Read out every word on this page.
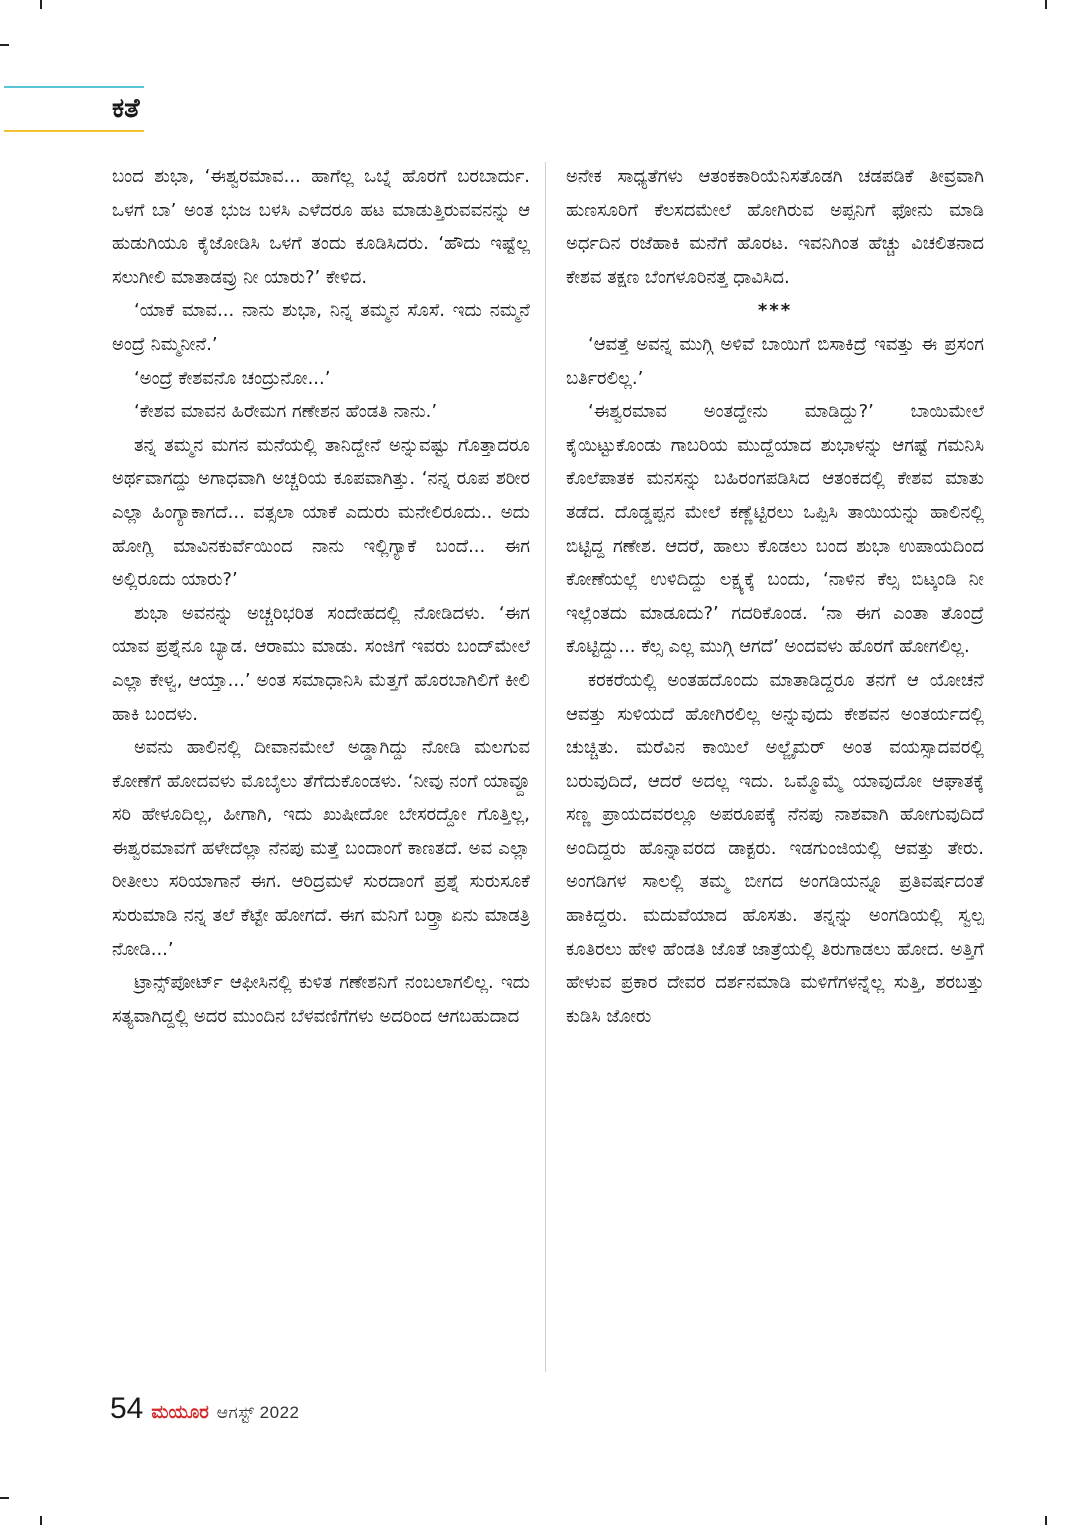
ಕತೆ

ಬಂದ ಶುಭಾ, ‘ಈಶ್ವರಮಾವ... ಹಾಗೆಲ್ಲ ಒಬ್ನೆ ಹೊರಗೆ ಬರಬಾರ್ದು. ಒಳಗೆ ಬಾ’ ಅಂತ ಭುಜ ಬಳಸಿ ಎಳೆದರೂ ಹಟ ಮಾಡುತ್ತಿರುವವನನ್ನು ಆ ಹುಡುಗಿಯೂ ಕೈಜೋಡಿಸಿ ಒಳಗೆ ತಂದು ಕೂಡಿಸಿದರು. ‘ಹೌದು ಇಷ್ಟೆಲ್ಲ ಸಲುಗೀಲಿ ಮಾತಾಡವ್ರು ನೀ ಯಾರು?’ ಕೇಳಿದ.

‘ಯಾಕೆ ಮಾವ... ನಾನು ಶುಭಾ, ನಿನ್ನ ತಮ್ಮನ ಸೊಸೆ. ಇದು ನಮ್ಮನೆ ಅಂದ್ರೆ ನಿಮ್ಮನೀನೆ.’

‘ಅಂದ್ರೆ ಕೇಶವನೊ ಚಂದ್ರುನೋ...’

‘ಕೇಶವ ಮಾವನ ಹಿರೇಮಗ ಗಣೇಶನ ಹೆಂಡತಿ ನಾನು.’

ತನ್ನ ತಮ್ಮನ ಮಗನ ಮನೆಯಲ್ಲಿ ತಾನಿದ್ದೇನೆ ಅನ್ನುವಷ್ಟು ಗೊತ್ತಾದರೂ ಅರ್ಥವಾಗದ್ದು ಅಗಾಧವಾಗಿ ಅಚ್ಚರಿಯ ಕೂಪವಾಗಿತ್ತು. ‘ನನ್ನ ರೂಪ ಶರೀರ ಎಲ್ಲಾ ಹಿಂಗ್ಯಾಕಾಗದೆ... ವತ್ಸಲಾ ಯಾಕೆ ಎದುರು ಮನೇಲಿರೂದು.. ಅದು ಹೋಗ್ಲಿ ಮಾವಿನಕುರ್ವೆಯಿಂದ ನಾನು ಇಲ್ಲಿಗ್ಯಾಕೆ ಬಂದೆ... ಈಗ ಅಲ್ಲಿರೂದು ಯಾರು?’

ಶುಭಾ ಅವನನ್ನು ಅಚ್ಚರಿಭರಿತ ಸಂದೇಹದಲ್ಲಿ ನೋಡಿದಳು. ‘ಈಗ ಯಾವ ಪ್ರಶ್ನೆನೂ ಬ್ಯಾಡ. ಆರಾಮು ಮಾಡು. ಸಂಜಿಗೆ ಇವರು ಬಂದ್‌ಮೇಲೆ ಎಲ್ಲಾ ಕೇಳ್ವ, ಆಯ್ತಾ...’ ಅಂತ ಸಮಾಧಾನಿಸಿ ಮೆತ್ತಗೆ ಹೊರಬಾಗಿಲಿಗೆ ಕೀಲಿ ಹಾಕಿ ಬಂದಳು.

ಅವನು ಹಾಲಿನಲ್ಲಿ ದೀವಾನಮೇಲೆ ಅಡ್ಡಾಗಿದ್ದು ನೋಡಿ ಮಲಗುವ ಕೋಣೆಗೆ ಹೋದವಳು ಮೊಬೈಲು ತೆಗೆದುಕೊಂಡಳು. ‘ನೀವು ನಂಗೆ ಯಾವ್ದೂ ಸರಿ ಹೇಳೂದಿಲ್ಲ, ಹೀಗಾಗಿ, ಇದು ಖುಷೀದೋ ಬೇಸರದ್ದೋ ಗೊತ್ತಿಲ್ಲ, ಈಶ್ವರಮಾವಗೆ ಹಳೇದೆಲ್ಲಾ ನೆನಪು ಮತ್ತೆ ಬಂದಾಂಗೆ ಕಾಣತದೆ. ಅವ ಎಲ್ಲಾ ರೀತೀಲು ಸರಿಯಾಗಾನೆ ಈಗ. ಆರಿದ್ರಮಳೆ ಸುರದಾಂಗೆ ಪ್ರಶ್ನೆ ಸುರುಸೂಕೆ ಸುರುಮಾಡಿ ನನ್ನ ತಲೆ ಕೆಟ್ಟೇ ಹೋಗದೆ. ಈಗ ಮನಿಗೆ ಬರ್‍ತ್ರಾ ಏನು ಮಾಡತ್ರಿ ನೋಡಿ...’

ಟ್ರಾನ್ಸ್‌ಪೋರ್ಟ್ ಆಫೀಸಿನಲ್ಲಿ ಕುಳಿತ ಗಣೇಶನಿಗೆ ನಂಬಲಾಗಲಿಲ್ಲ. ಇದು ಸತ್ಯವಾಗಿದ್ದಲ್ಲಿ ಅದರ ಮುಂದಿನ ಬೆಳವಣಿಗೆಗಳು ಅದರಿಂದ ಆಗಬಹುದಾದ

ಅನೇಕ ಸಾಧ್ಯತೆಗಳು ಆತಂಕಕಾರಿಯೆನಿಸತೊಡಗಿ ಚಡಪಡಿಕೆ ತೀವ್ರವಾಗಿ ಹುಣಸೂರಿಗೆ ಕೆಲಸದಮೇಲೆ ಹೋಗಿರುವ ಅಪ್ಪನಿಗೆ ಫೋನು ಮಾಡಿ ಅರ್ಧದಿನ ರಜೆಹಾಕಿ ಮನೆಗೆ ಹೊರಟ. ಇವನಿಗಿಂತ ಹೆಚ್ಚು ವಿಚಲಿತನಾದ ಕೇಶವ ತಕ್ಷಣ ಬೆಂಗಳೂರಿನತ್ತ ಧಾವಿಸಿದ.

***

‘ಆವತ್ತೆ ಅವನ್ನ ಮುಗ್ಗಿ ಅಳಿವೆ ಬಾಯಿಗೆ ಬಿಸಾಕಿದ್ರೆ ಇವತ್ತು ಈ ಪ್ರಸಂಗ ಬರ್ತಿರಲಿಲ್ಲ.’

‘ಈಶ್ವರಮಾವ ಅಂತದ್ದೇನು ಮಾಡಿದ್ದು?’ ಬಾಯಿಮೇಲೆ ಕೈಯಿಟ್ಟುಕೊಂಡು ಗಾಬರಿಯ ಮುದ್ದೆಯಾದ ಶುಭಾಳನ್ನು ಆಗಷ್ಟೆ ಗಮನಿಸಿ ಕೊಲೆಪಾತಕ ಮನಸನ್ನು ಬಹಿರಂಗಪಡಿಸಿದ ಆತಂಕದಲ್ಲಿ ಕೇಶವ ಮಾತು ತಡೆದ. ದೊಡ್ಡಪ್ಪನ ಮೇಲೆ ಕಣ್ಣೆಟ್ಟಿರಲು ಒಪ್ಪಿಸಿ ತಾಯಿಯನ್ನು ಹಾಲಿನಲ್ಲಿ ಬಿಟ್ಟಿದ್ದ ಗಣೇಶ. ಆದರೆ, ಹಾಲು ಕೊಡಲು ಬಂದ ಶುಭಾ ಉಪಾಯದಿಂದ ಕೋಣೆಯಲ್ಲೆ ಉಳಿದಿದ್ದು ಲಕ್ಷ್ಯಕ್ಕೆ ಬಂದು, ‘ನಾಳಿನ ಕೆಲ್ಸ ಬಿಟ್ಕಂಡಿ ನೀ ಇಲ್ಲೆಂತದು ಮಾಡೂದು?’ ಗದರಿಕೊಂಡ. ‘ನಾ ಈಗ ಎಂತಾ ತೊಂದ್ರೆ ಕೊಟ್ಟಿದ್ದು... ಕೆಲ್ಸ ಎಲ್ಲ ಮುಗ್ಗಿ ಆಗದೆ’ ಅಂದವಳು ಹೊರಗೆ ಹೋಗಲಿಲ್ಲ.

ಕರಕರೆಯಲ್ಲಿ ಅಂತಹದೊಂದು ಮಾತಾಡಿದ್ದರೂ ತನಗೆ ಆ ಯೋಚನೆ ಆವತ್ತು ಸುಳಿಯದೆ ಹೋಗಿರಲಿಲ್ಲ ಅನ್ನುವುದು ಕೇಶವನ ಅಂತರ್ಯದಲ್ಲಿ ಚುಚ್ಚಿತು. ಮರೆವಿನ ಕಾಯಿಲೆ ಅಲ್ಜೈಮರ್ ಅಂತ ವಯಸ್ಸಾದವರಲ್ಲಿ ಬರುವುದಿದೆ, ಆದರೆ ಅದಲ್ಲ ಇದು. ಒಮ್ಮೊಮ್ಮೆ ಯಾವುದೋ ಆಘಾತಕ್ಕೆ ಸಣ್ಣ ಪ್ರಾಯದವರಲ್ಲೂ ಅಪರೂಪಕ್ಕೆ ನೆನಪು ನಾಶವಾಗಿ ಹೋಗುವುದಿದೆ ಅಂದಿದ್ದರು ಹೊನ್ನಾವರದ ಡಾಕ್ಟರು. ಇಡಗುಂಜಿಯಲ್ಲಿ ಆವತ್ತು ತೇರು. ಅಂಗಡಿಗಳ ಸಾಲಲ್ಲಿ ತಮ್ಮ ಬೀಗದ ಅಂಗಡಿಯನ್ನೂ ಪ್ರತಿವರ್ಷದಂತೆ ಹಾಕಿದ್ದರು. ಮದುವೆಯಾದ ಹೊಸತು. ತನ್ನನ್ನು ಅಂಗಡಿಯಲ್ಲಿ ಸ್ವಲ್ಪ ಕೂತಿರಲು ಹೇಳಿ ಹೆಂಡತಿ ಜೊತೆ ಜಾತ್ರೆಯಲ್ಲಿ ತಿರುಗಾಡಲು ಹೋದ. ಅತ್ತಿಗೆ ಹೇಳುವ ಪ್ರಕಾರ ದೇವರ ದರ್ಶನಮಾಡಿ ಮಳಿಗೆಗಳನ್ನೆಲ್ಲ ಸುತ್ತಿ, ಶರಬತ್ತು ಕುಡಿಸಿ ಜೋರು

54 ಮಯೂರ ಆಗಸ್ಟ್ 2022
